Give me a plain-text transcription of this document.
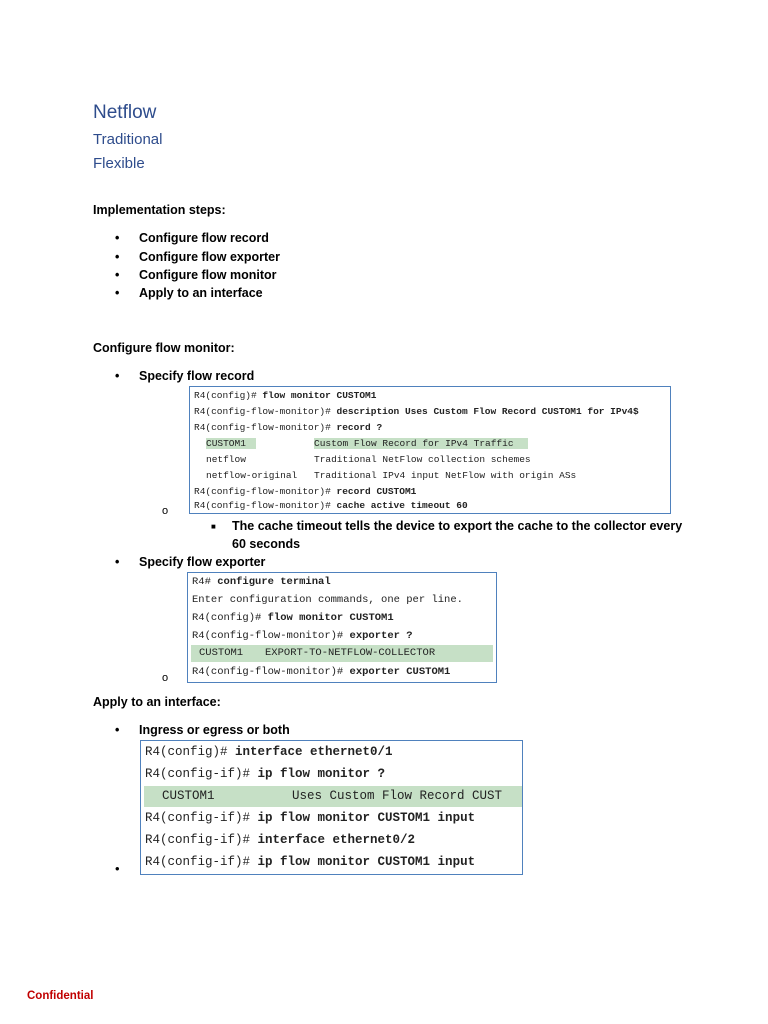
Netflow
Traditional
Flexible
Implementation steps:
• Configure flow record
• Configure flow exporter
• Configure flow monitor
• Apply to an interface
Configure flow monitor:
• Specify flow record
R4(config)# flow monitor CUSTOM1
R4(config-flow-monitor)# description Uses Custom Flow Record CUSTOM1 for IPv4$
R4(config-flow-monitor)# record ?
CUSTOM1	Custom Flow Record for IPv4 Traffic
netflow	Traditional NetFlow collection schemes
netflow-original Traditional IPv4 input NetFlow with origin ASs
R4(config-flow-monitor)# record CUSTOM1
R4(config-flow-monitor)# cache active timeout 60
o
■ The cache timeout tells the device to export the cache to the collector every
60 seconds
• Specify flow exporter
R4# configure terminal
Enter configuration commands, one per line.
R4(config)# flow monitor CUSTOM1
R4(config-flow-monitor)# exporter ?
CUSTOM1 EXPORT-TO-NETFLOW-COLLECTOR
R4(config-flow-monitor)# exporter CUSTOM1
o
Apply to an interface:
• Ingress or egress or both
R4(config)# interface ethernet0/1
R4(config-if)# ip flow monitor ?
CUSTOM1	Uses Custom Flow Record CUST
R4(config-if)# ip flow monitor CUSTOM1 input
R4(config-if)# interface ethernet0/2
R4(config-if)# ip flow monitor CUSTOM1 input
•
Confidential
